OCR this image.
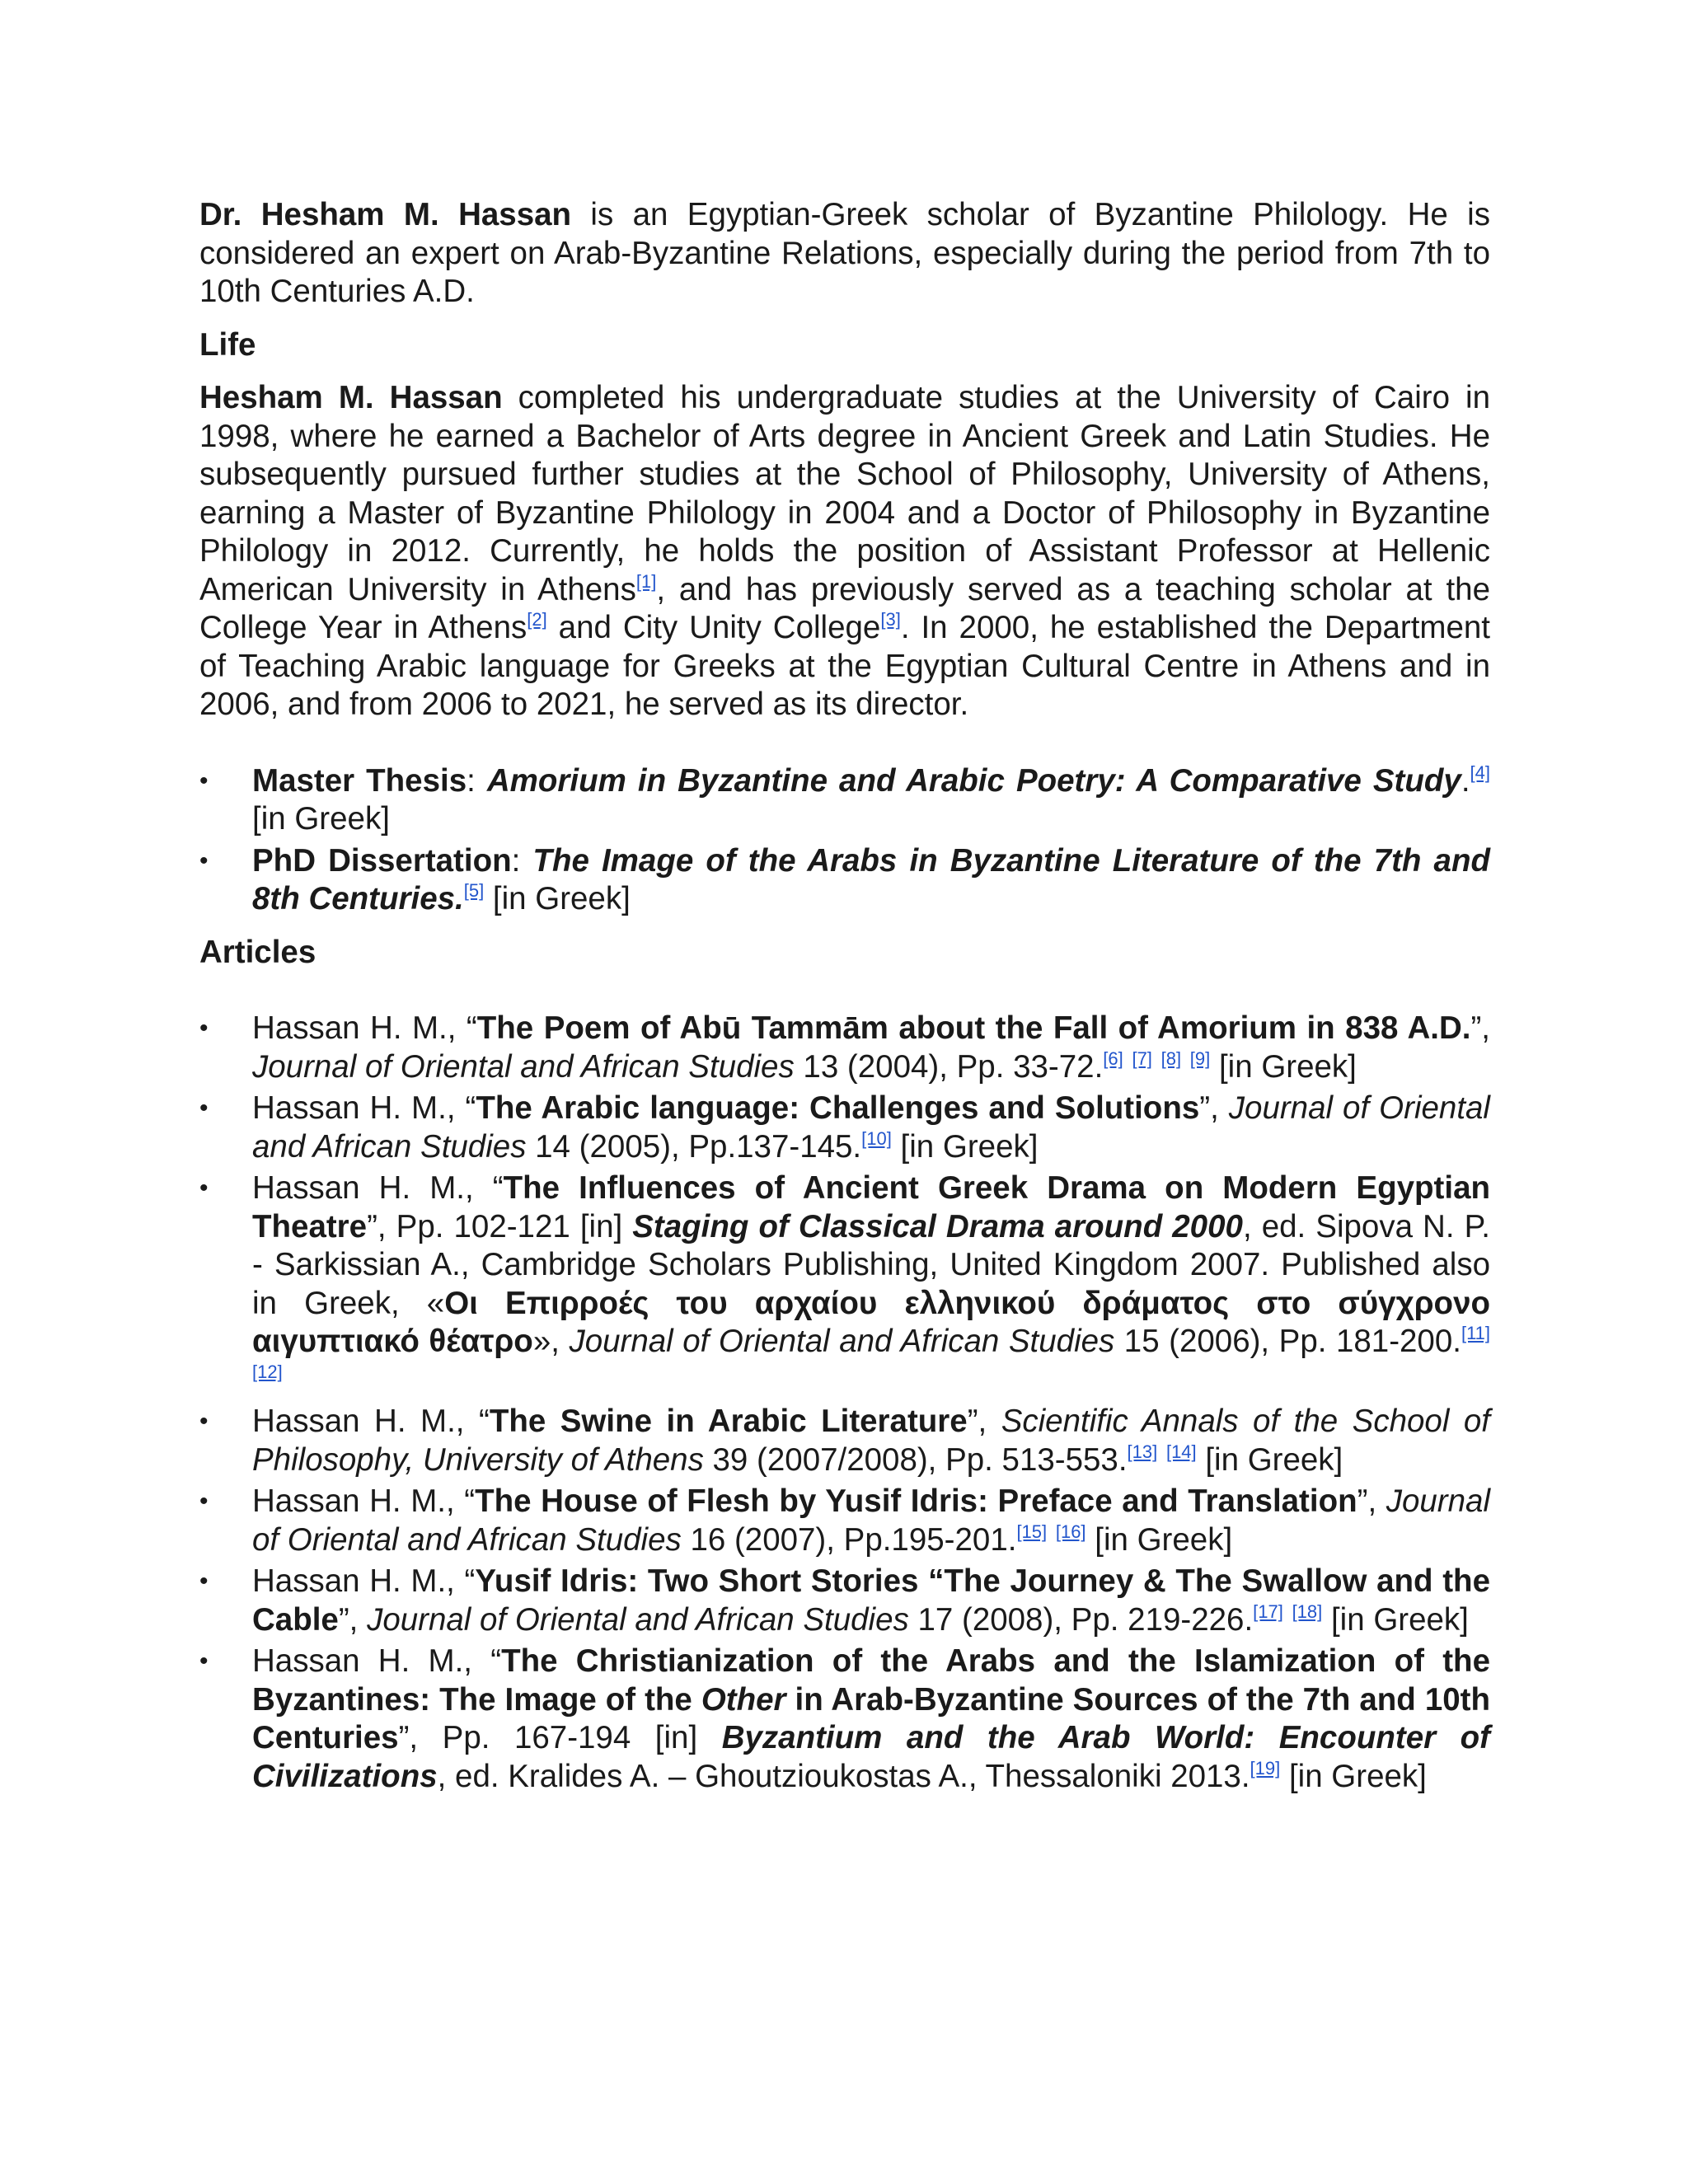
Dr. Hesham M. Hassan is an Egyptian-Greek scholar of Byzantine Philology. He is considered an expert on Arab-Byzantine Relations, especially during the period from 7th to 10th Centuries A.D.

Life

Hesham M. Hassan completed his undergraduate studies at the University of Cairo in 1998, where he earned a Bachelor of Arts degree in Ancient Greek and Latin Studies. He subsequently pursued further studies at the School of Philosophy, University of Athens, earning a Master of Byzantine Philology in 2004 and a Doctor of Philosophy in Byzantine Philology in 2012. Currently, he holds the position of Assistant Professor at Hellenic American University in Athens[1], and has previously served as a teaching scholar at the College Year in Athens[2] and City Unity College[3]. In 2000, he established the Department of Teaching Arabic language for Greeks at the Egyptian Cultural Centre in Athens and in 2006, and from 2006 to 2021, he served as its director.

• Master Thesis: Amorium in Byzantine and Arabic Poetry: A Comparative Study.[4] [in Greek]
• PhD Dissertation: The Image of the Arabs in Byzantine Literature of the 7th and 8th Centuries.[5] [in Greek]

Articles

• Hassan H. M., “The Poem of Abū Tammām about the Fall of Amorium in 838 A.D.”, Journal of Oriental and African Studies 13 (2004), Pp. 33-72.[6] [7] [8] [9] [in Greek]
• Hassan H. M., “The Arabic language: Challenges and Solutions”, Journal of Oriental and African Studies 14 (2005), Pp.137-145.[10] [in Greek]
• Hassan H. M., “The Influences of Ancient Greek Drama on Modern Egyptian Theatre”, Pp. 102-121 [in] Staging of Classical Drama around 2000, ed. Sipova N. P. - Sarkissian A., Cambridge Scholars Publishing, United Kingdom 2007. Published also in Greek, «Οι Επιρροές του αρχαίου ελληνικού δράματος στο σύγχρονο αιγυπτιακό θέατρο», Journal of Oriental and African Studies 15 (2006), Pp. 181-200.[11] [12]
• Hassan H. M., “The Swine in Arabic Literature”, Scientific Annals of the School of Philosophy, University of Athens 39 (2007/2008), Pp. 513-553.[13] [14] [in Greek]
• Hassan H. M., “The House of Flesh by Yusif Idris: Preface and Translation”, Journal of Oriental and African Studies 16 (2007), Pp.195-201.[15] [16] [in Greek]
• Hassan H. M., “Yusif Idris: Two Short Stories “The Journey & The Swallow and the Cable”, Journal of Oriental and African Studies 17 (2008), Pp. 219-226.[17] [18] [in Greek]
• Hassan H. M., “The Christianization of the Arabs and the Islamization of the Byzantines: The Image of the Other in Arab-Byzantine Sources of the 7th and 10th Centuries”, Pp. 167-194 [in] Byzantium and the Arab World: Encounter of Civilizations, ed. Kralides A. – Ghoutzioukostas A., Thessaloniki 2013.[19] [in Greek]
